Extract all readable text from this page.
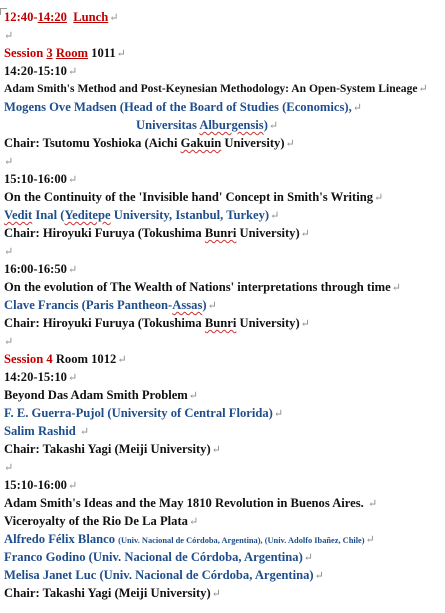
12:40-14:20 Lunch↵
↵
Session 3 Room 1011↵
14:20-15:10↵
Adam Smith's Method and Post-Keynesian Methodology: An Open-System Lineage↵
Mogens Ove Madsen (Head of the Board of Studies (Economics),↵
Universitas Alburgensis)↵
Chair: Tsutomu Yoshioka (Aichi Gakuin University)↵
↵
15:10-16:00↵
On the Continuity of the 'Invisible hand' Concept in Smith's Writing↵
Vedit Inal (Yeditepe University, Istanbul, Turkey)↵
Chair: Hiroyuki Furuya (Tokushima Bunri University)↵
↵
16:00-16:50↵
On the evolution of The Wealth of Nations' interpretations through time↵
Clave Francis (Paris Pantheon-Assas)↵
Chair: Hiroyuki Furuya (Tokushima Bunri University)↵
↵
Session 4 Room 1012↵
14:20-15:10↵
Beyond Das Adam Smith Problem↵
F. E. Guerra-Pujol (University of Central Florida)↵
Salim Rashid ↵
Chair: Takashi Yagi (Meiji University)↵
↵
15:10-16:00↵
Adam Smith's Ideas and the May 1810 Revolution in Buenos Aires. ↵
Viceroyalty of the Rio De La Plata↵
Alfredo Félix Blanco (Univ. Nacional de Córdoba, Argentina), (Univ. Adolfo Ibañez, Chile)↵
Franco Godino (Univ. Nacional de Córdoba, Argentina)↵
Melisa Janet Luc (Univ. Nacional de Córdoba, Argentina)↵
Chair: Takashi Yagi (Meiji University)↵
